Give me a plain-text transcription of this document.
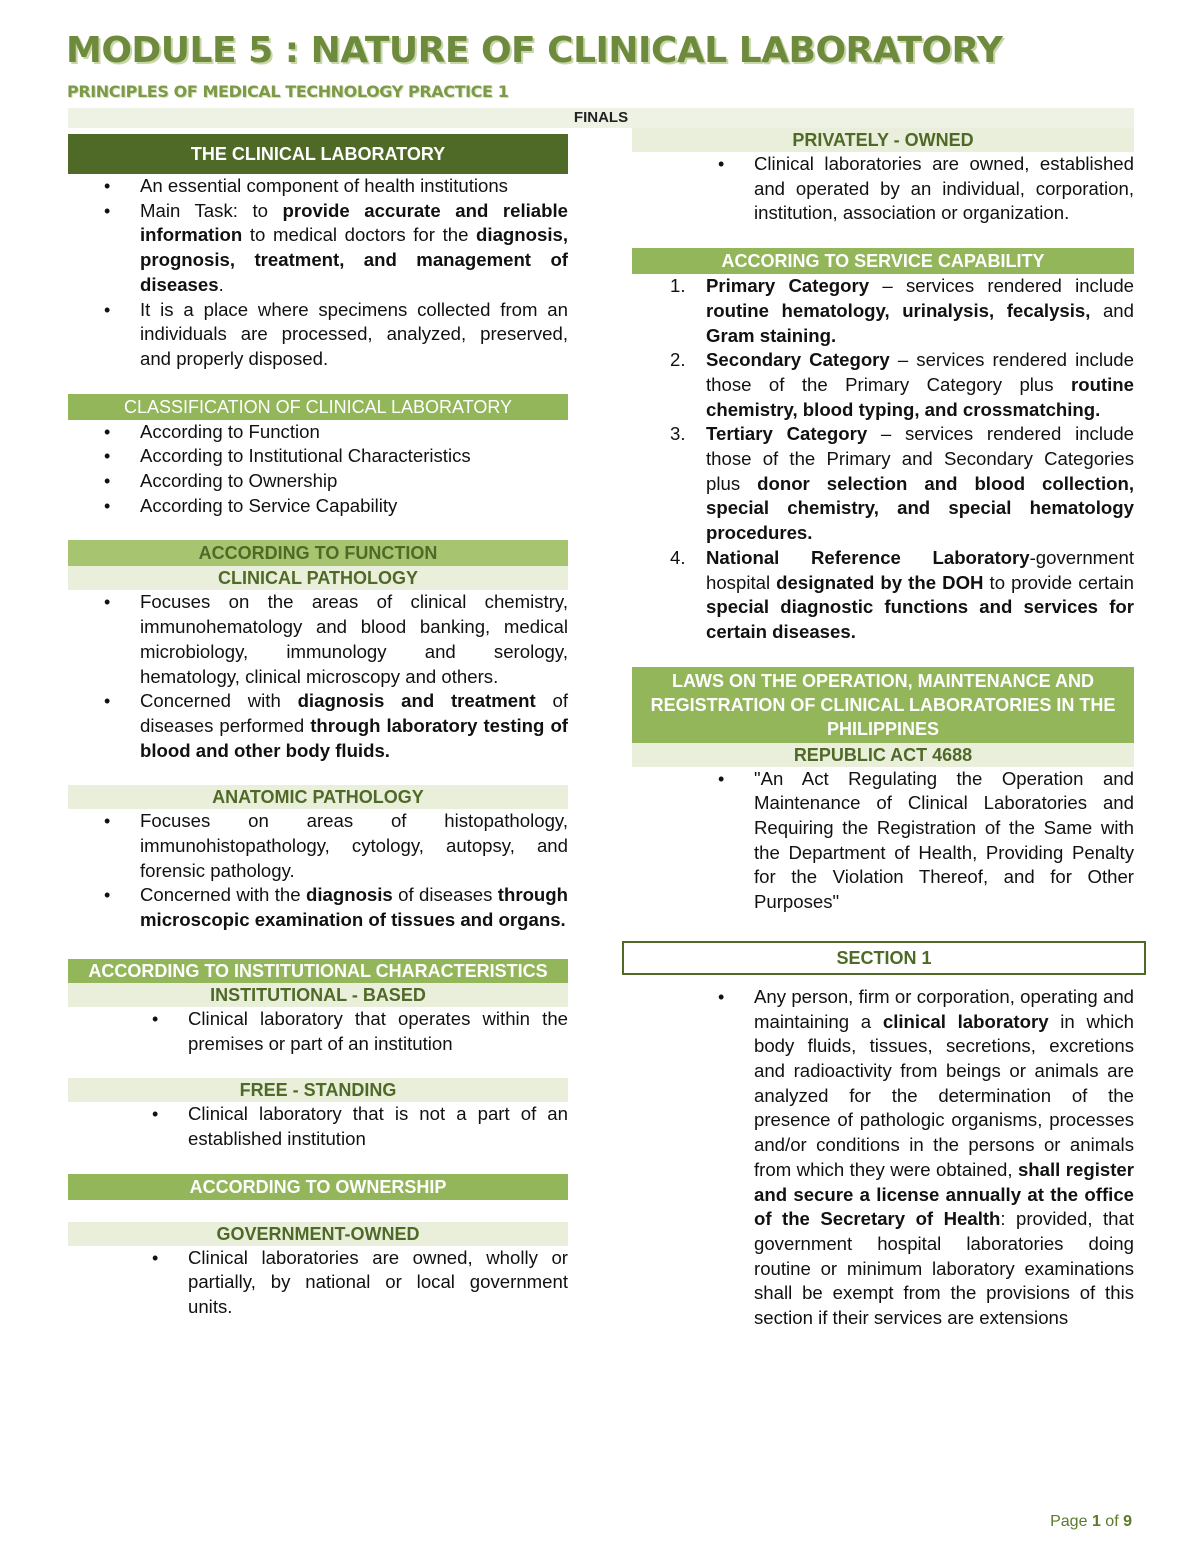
MODULE 5 : NATURE OF CLINICAL LABORATORY
PRINCIPLES OF MEDICAL TECHNOLOGY PRACTICE 1
FINALS
THE CLINICAL LABORATORY
• An essential component of health institutions
• Main Task: to provide accurate and reliable information to medical doctors for the diagnosis, prognosis, treatment, and management of diseases.
• It is a place where specimens collected from an individuals are processed, analyzed, preserved, and properly disposed.
CLASSIFICATION OF CLINICAL LABORATORY
• According to Function
• According to Institutional Characteristics
• According to Ownership
• According to Service Capability
ACCORDING TO FUNCTION
CLINICAL PATHOLOGY
• Focuses on the areas of clinical chemistry, immunohematology and blood banking, medical microbiology, immunology and serology, hematology, clinical microscopy and others.
• Concerned with diagnosis and treatment of diseases performed through laboratory testing of blood and other body fluids.
ANATOMIC PATHOLOGY
• Focuses on areas of histopathology, immunohistopathology, cytology, autopsy, and forensic pathology.
• Concerned with the diagnosis of diseases through microscopic examination of tissues and organs.
ACCORDING TO INSTITUTIONAL CHARACTERISTICS
INSTITUTIONAL - BASED
• Clinical laboratory that operates within the premises or part of an institution
FREE - STANDING
• Clinical laboratory that is not a part of an established institution
ACCORDING TO OWNERSHIP
GOVERNMENT-OWNED
• Clinical laboratories are owned, wholly or partially, by national or local government units.
PRIVATELY - OWNED
• Clinical laboratories are owned, established and operated by an individual, corporation, institution, association or organization.
ACCORING TO SERVICE CAPABILITY
1. Primary Category – services rendered include routine hematology, urinalysis, fecalysis, and Gram staining.
2. Secondary Category – services rendered include those of the Primary Category plus routine chemistry, blood typing, and crossmatching.
3. Tertiary Category – services rendered include those of the Primary and Secondary Categories plus donor selection and blood collection, special chemistry, and special hematology procedures.
4. National Reference Laboratory-government hospital designated by the DOH to provide certain special diagnostic functions and services for certain diseases.
LAWS ON THE OPERATION, MAINTENANCE AND REGISTRATION OF CLINICAL LABORATORIES IN THE PHILIPPINES
REPUBLIC ACT 4688
• "An Act Regulating the Operation and Maintenance of Clinical Laboratories and Requiring the Registration of the Same with the Department of Health, Providing Penalty for the Violation Thereof, and for Other Purposes"
SECTION 1
• Any person, firm or corporation, operating and maintaining a clinical laboratory in which body fluids, tissues, secretions, excretions and radioactivity from beings or animals are analyzed for the determination of the presence of pathologic organisms, processes and/or conditions in the persons or animals from which they were obtained, shall register and secure a license annually at the office of the Secretary of Health: provided, that government hospital laboratories doing routine or minimum laboratory examinations shall be exempt from the provisions of this section if their services are extensions
Page 1 of 9
